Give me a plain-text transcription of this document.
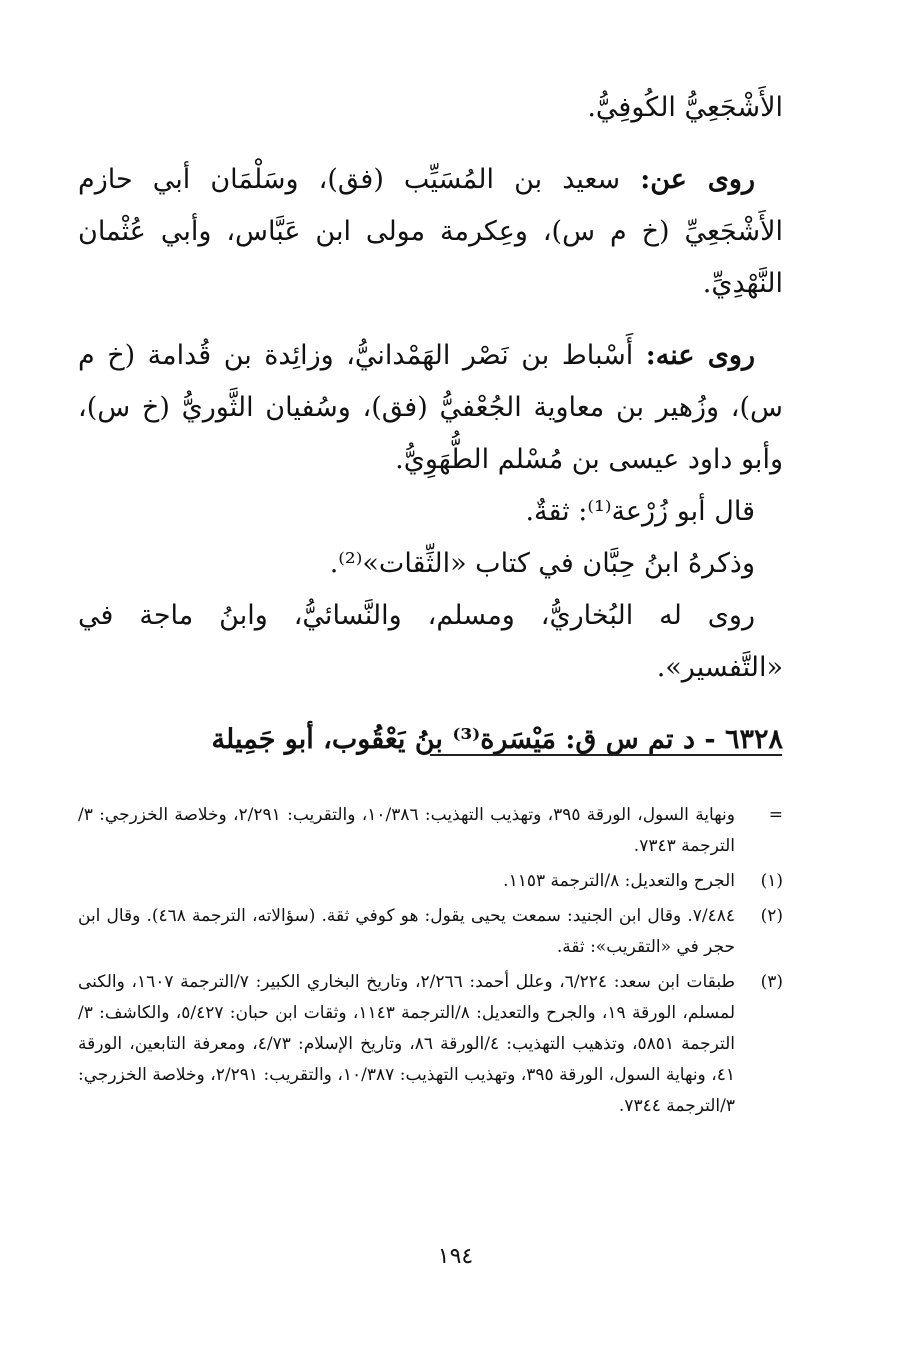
الأَشْجَعِيُّ الكُوفِيُّ.

روى عن: سعيد بن المُسَيِّب (فق)، وسَلْمَان أبي حازم الأَشْجَعِيِّ (خ م س)، وعِكرمة مولى ابن عَبَّاس، وأبي عُثْمان النَّهْدِيِّ.

روى عنه: أَسْباط بن نَصْر الهَمْدانيُّ، وزائِدة بن قُدامة (خ م س)، وزُهير بن معاوية الجُعْفيُّ (فق)، وسُفيان الثَّوريُّ (خ س)، وأبو داود عيسى بن مُسْلم الطُّهَوِيُّ.

قال أبو زُرْعة⁽¹⁾: ثقةٌ.

وذكرهُ ابنُ حِبَّان في كتاب «الثِّقات»⁽²⁾.

روى له البُخاريُّ، ومسلم، والنَّسائيُّ، وابنُ ماجة في «التَّفسير».

٦٣٢٨ - د تم س ق: مَيْسَرة⁽³⁾ بنُ يَعْقُوب، أبو جَمِيلة

=
ونهاية السول، الورقة ٣٩٥، وتهذيب التهذيب: ١٠/٣٨٦، والتقريب: ٢/٢٩١، وخلاصة الخزرجي: ٣/الترجمة ٧٣٤٣.
(١)
الجرح والتعديل: ٨/الترجمة ١١٥٣.
(٢)
٧/٤٨٤. وقال ابن الجنيد: سمعت يحيى يقول: هو كوفي ثقة. (سؤالاته، الترجمة ٤٦٨). وقال ابن حجر في «التقريب»: ثقة.
(٣)
طبقات ابن سعد: ٦/٢٢٤، وعلل أحمد: ٢/٢٦٦، وتاريخ البخاري الكبير: ٧/الترجمة ١٦٠٧، والكنى لمسلم، الورقة ١٩، والجرح والتعديل: ٨/الترجمة ١١٤٣، وثقات ابن حبان: ٥/٤٢٧، والكاشف: ٣/الترجمة ٥٨٥١، وتذهيب التهذيب: ٤/الورقة ٨٦، وتاريخ الإسلام: ٤/٧٣، ومعرفة التابعين، الورقة ٤١، ونهاية السول، الورقة ٣٩٥، وتهذيب التهذيب: ١٠/٣٨٧، والتقريب: ٢/٢٩١، وخلاصة الخزرجي: ٣/الترجمة ٧٣٤٤.
١٩٤
